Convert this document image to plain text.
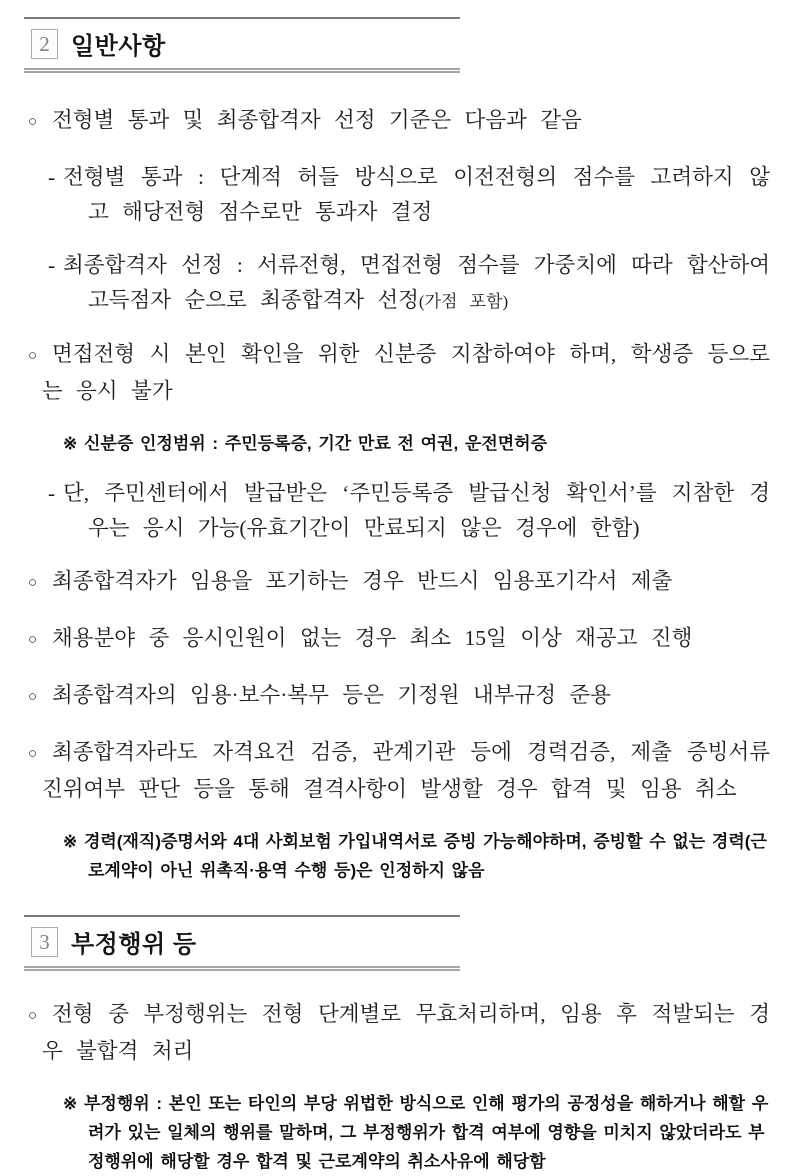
2 일반사항

○ 전형별 통과 및 최종합격자 선정 기준은 다음과 같음

- 전형별 통과 : 단계적 허들 방식으로 이전전형의 점수를 고려하지 않고 해당전형 점수로만 통과자 결정

- 최종합격자 선정 : 서류전형, 면접전형 점수를 가중치에 따라 합산하여 고득점자 순으로 최종합격자 선정(가점 포함)

○ 면접전형 시 본인 확인을 위한 신분증 지참하여야 하며, 학생증 등으로는 응시 불가

※ 신분증 인정범위 : 주민등록증, 기간 만료 전 여권, 운전면허증

- 단, 주민센터에서 발급받은 ‘주민등록증 발급신청 확인서’를 지참한 경우는 응시 가능(유효기간이 만료되지 않은 경우에 한함)

○ 최종합격자가 임용을 포기하는 경우 반드시 임용포기각서 제출

○ 채용분야 중 응시인원이 없는 경우 최소 15일 이상 재공고 진행

○ 최종합격자의 임용·보수·복무 등은 기정원 내부규정 준용

○ 최종합격자라도 자격요건 검증, 관계기관 등에 경력검증, 제출 증빙서류 진위여부 판단 등을 통해 결격사항이 발생할 경우 합격 및 임용 취소

※ 경력(재직)증명서와 4대 사회보험 가입내역서로 증빙 가능해야하며, 증빙할 수 없는 경력(근로계약이 아닌 위촉직·용역 수행 등)은 인정하지 않음

3 부정행위 등

○ 전형 중 부정행위는 전형 단계별로 무효처리하며, 임용 후 적발되는 경우 불합격 처리

※ 부정행위 : 본인 또는 타인의 부당 위법한 방식으로 인해 평가의 공정성을 해하거나 해할 우려가 있는 일체의 행위를 말하며, 그 부정행위가 합격 여부에 영향을 미치지 않았더라도 부정행위에 해당할 경우 합격 및 근로계약의 취소사유에 해당함
